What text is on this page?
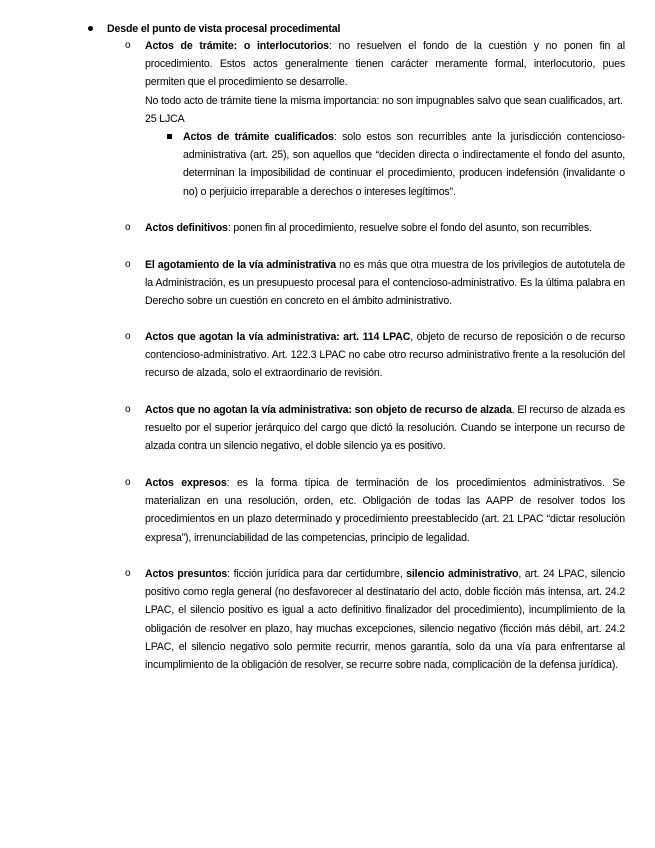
Desde el punto de vista procesal procedimental
o Actos de trámite: o interlocutorios: no resuelven el fondo de la cuestión y no ponen fin al procedimiento. Estos actos generalmente tienen carácter meramente formal, interlocutorio, pues permiten que el procedimiento se desarrolle.

No todo acto de trámite tiene la misma importancia: no son impugnables salvo que sean cualificados, art. 25 LJCA

Actos de trámite cualificados: solo estos son recurribles ante la jurisdicción contencioso-administrativa (art. 25), son aquellos que “deciden directa o indirectamente el fondo del asunto, determinan la imposibilidad de continuar el procedimiento, producen indefensión (invalidante o no) o perjuicio irreparable a derechos o intereses legítimos”.

o Actos definitivos: ponen fin al procedimiento, resuelve sobre el fondo del asunto, son recurribles.

o El agotamiento de la vía administrativa no es más que otra muestra de los privilegios de autotutela de la Administración, es un presupuesto procesal para el contencioso-administrativo. Es la última palabra en Derecho sobre un cuestión en concreto en el ámbito administrativo.

o Actos que agotan la vía administrativa: art. 114 LPAC, objeto de recurso de reposición o de recurso contencioso-administrativo. Art. 122.3 LPAC no cabe otro recurso administrativo frente a la resolución del recurso de alzada, solo el extraordinario de revisión.

o Actos que no agotan la vía administrativa: son objeto de recurso de alzada. El recurso de alzada es resuelto por el superior jerárquico del cargo que dictó la resolución. Cuando se interpone un recurso de alzada contra un silencio negativo, el doble silencio ya es positivo.

o Actos expresos: es la forma típica de terminación de los procedimientos administrativos. Se materializan en una resolución, orden, etc. Obligación de todas las AAPP de resolver todos los procedimientos en un plazo determinado y procedimiento preestablecido (art. 21 LPAC “dictar resolución expresa”), irrenunciabilidad de las competencias, principio de legalidad.

o Actos presuntos: ficción jurídica para dar certidumbre, silencio administrativo, art. 24 LPAC, silencio positivo como regla general (no desfavorecer al destinatario del acto, doble ficción más intensa, art. 24.2 LPAC, el silencio positivo es igual a acto definitivo finalizador del procedimiento), incumplimiento de la obligación de resolver en plazo, hay muchas excepciones, silencio negativo (ficción más débil, art. 24.2 LPAC, el silencio negativo solo permite recurrir, menos garantía, solo da una vía para enfrentarse al incumplimiento de la obligación de resolver, se recurre sobre nada, complicación de la defensa jurídica).
